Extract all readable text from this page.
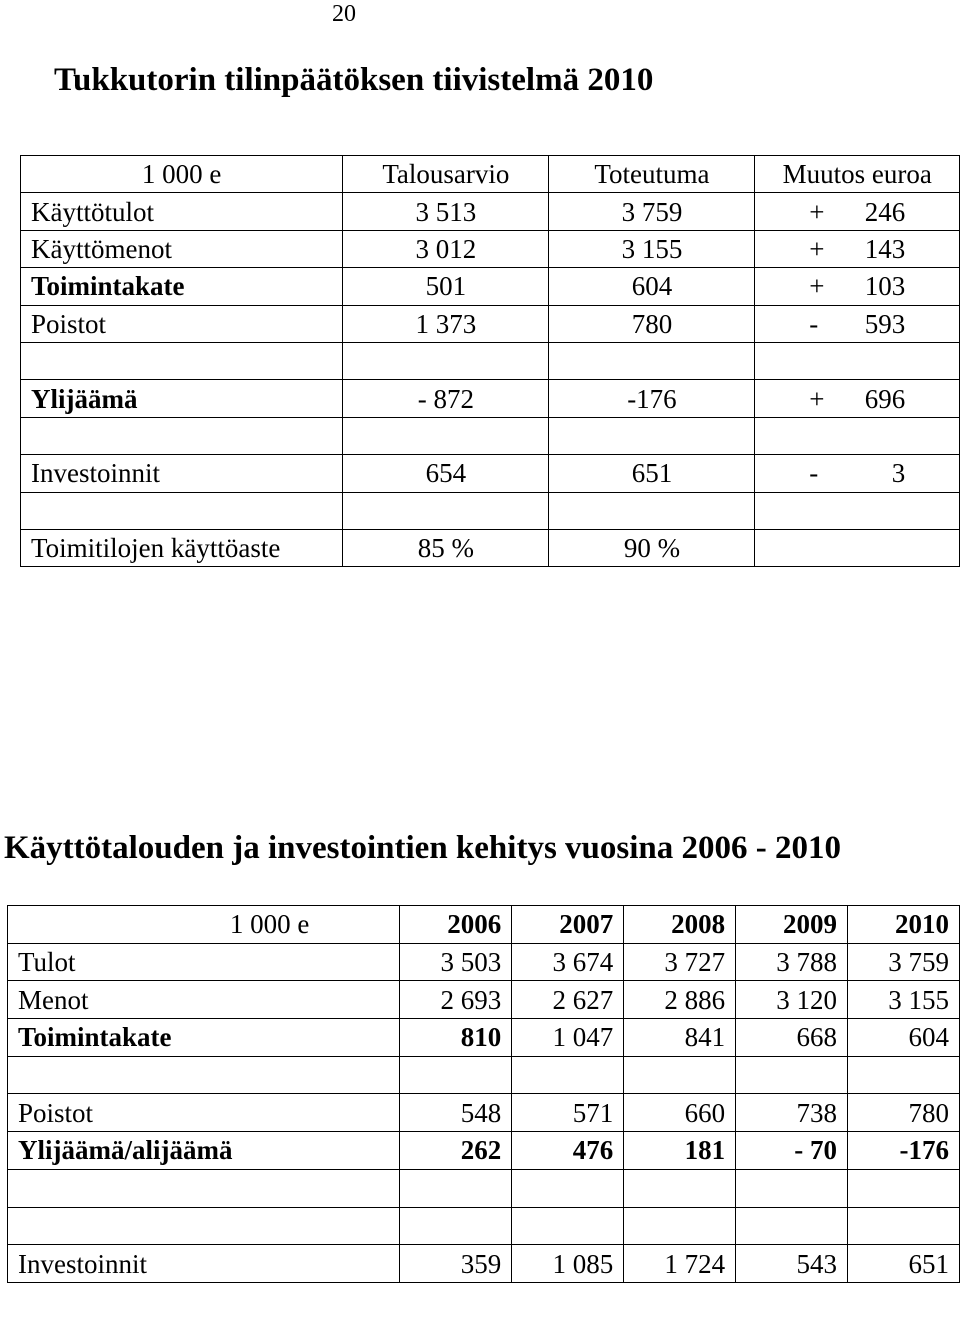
20
Tukkutorin tilinpäätöksen tiivistelmä 2010
1 000 e	Talousarvio	Toteutuma	Muutos euroa
Käyttötulot	3 513	3 759	+ 246
Käyttömenot	3 012	3 155	+ 143
Toimintakate	501	604	+ 103
Poistot	1 373	780	- 593

Ylijäämä	- 872	-176	+ 696

Investoinnit	654	651	- 3

Toimitilojen käyttöaste	85 %	90 %	
Käyttötalouden ja investointien kehitys vuosina 2006 - 2010
1 000 e	2006	2007	2008	2009	2010
Tulot	3 503	3 674	3 727	3 788	3 759
Menot	2 693	2 627	2 886	3 120	3 155
Toimintakate	810	1 047	841	668	604

Poistot	548	571	660	738	780
Ylijäämä/alijäämä	262	476	181	- 70	-176

Investoinnit	359	1 085	1 724	543	651
